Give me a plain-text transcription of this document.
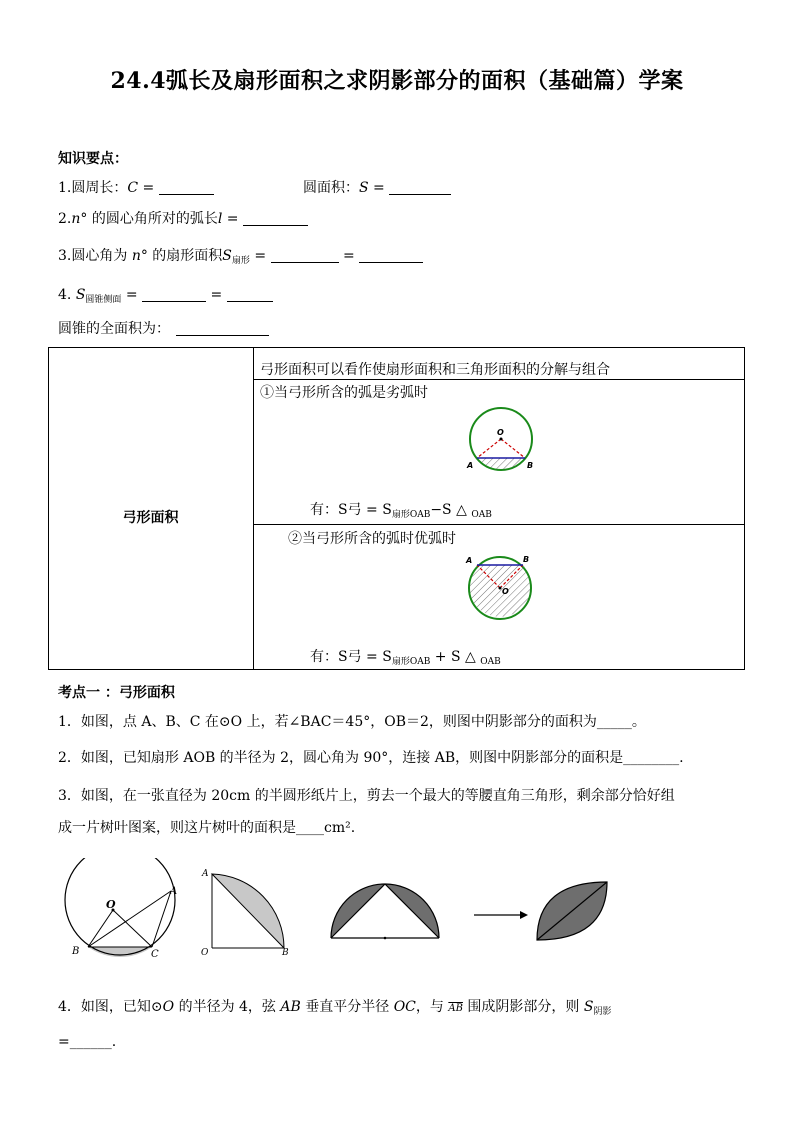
24.4弧长及扇形面积之求阴影部分的面积（基础篇）学案
知识要点：
1.圆周长：C =	圆面积：S =
2.n° 的圆心角所对的弧长l =
3.圆心角为 n° 的扇形面积$S_{扇形}$ =	=
4. $S_{圆锥侧面}$ =	=
圆锥的全面积为：
弓形面积
弓形面积可以看作使扇形面积和三角形面积的分解与组合
①当弓形所含的弧是劣弧时
O
A	B
有：S弓 = $S_{扇形OAB}-S$ △ $_{OAB}$
②当弓形所含的弧时优弧时
O
A	B
有：S弓 = $S_{扇形OAB} + S$ △ $_{OAB}$
考点一 ：弓形面积
1．如图，点 A、B、C 在⊙O 上，若∠BAC＝45°，OB＝2，则图中阴影部分的面积为_____。
2．如图，已知扇形 AOB 的半径为 2，圆心角为 90°，连接 AB，则图中阴影部分的面积是________.
3．如图，在一张直径为 20cm 的半圆形纸片上，剪去一个最大的等腰直角三角形，剩余部分恰好组
成一片树叶图案，则这片树叶的面积是____cm².
O
A
B	C
A
O	B
4．如图，已知⊙O 的半径为 4，弦 AB 垂直平分半径 OC，与 $\overline{AB}$ 围成阴影部分，则 $S_{阴影}$
=______.
